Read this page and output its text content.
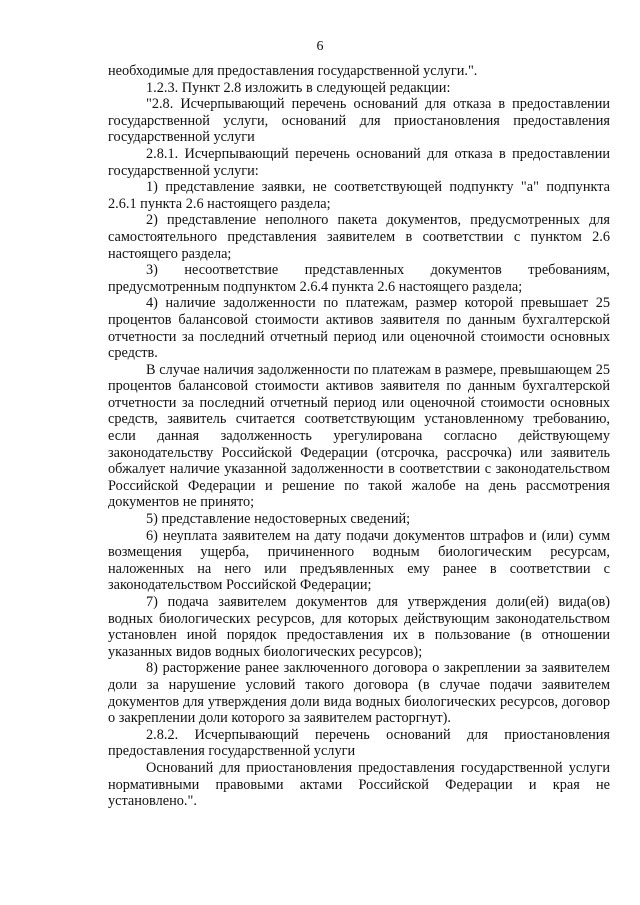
6

необходимые для предоставления государственной услуги.".

1.2.3. Пункт 2.8 изложить в следующей редакции:

"2.8. Исчерпывающий перечень оснований для отказа в предоставлении государственной услуги, оснований для приостановления предоставления государственной услуги

2.8.1. Исчерпывающий перечень оснований для отказа в предоставлении государственной услуги:

1) представление заявки, не соответствующей подпункту "а" подпункта 2.6.1 пункта 2.6 настоящего раздела;

2) представление неполного пакета документов, предусмотренных для самостоятельного представления заявителем в соответствии с пунктом 2.6 настоящего раздела;

3) несоответствие представленных документов требованиям, предусмотренным подпунктом 2.6.4 пункта 2.6 настоящего раздела;

4) наличие задолженности по платежам, размер которой превышает 25 процентов балансовой стоимости активов заявителя по данным бухгалтерской отчетности за последний отчетный период или оценочной стоимости основных средств.

В случае наличия задолженности по платежам в размере, превышающем 25 процентов балансовой стоимости активов заявителя по данным бухгалтерской отчетности за последний отчетный период или оценочной стоимости основных средств, заявитель считается соответствующим установленному требованию, если данная задолженность урегулирована согласно действующему законодательству Российской Федерации (отсрочка, рассрочка) или заявитель обжалует наличие указанной задолженности в соответствии с законодательством Российской Федерации и решение по такой жалобе на день рассмотрения документов не принято;

5) представление недостоверных сведений;

6) неуплата заявителем на дату подачи документов штрафов и (или) сумм возмещения ущерба, причиненного водным биологическим ресурсам, наложенных на него или предъявленных ему ранее в соответствии с законодательством Российской Федерации;

7) подача заявителем документов для утверждения доли(ей) вида(ов) водных биологических ресурсов, для которых действующим законодательством установлен иной порядок предоставления их в пользование (в отношении указанных видов водных биологических ресурсов);

8) расторжение ранее заключенного договора о закреплении за заявителем доли за нарушение условий такого договора (в случае подачи заявителем документов для утверждения доли вида водных биологических ресурсов, договор о закреплении доли которого за заявителем расторгнут).

2.8.2. Исчерпывающий перечень оснований для приостановления предоставления государственной услуги

Оснований для приостановления предоставления государственной услуги нормативными правовыми актами Российской Федерации и края не установлено.".
